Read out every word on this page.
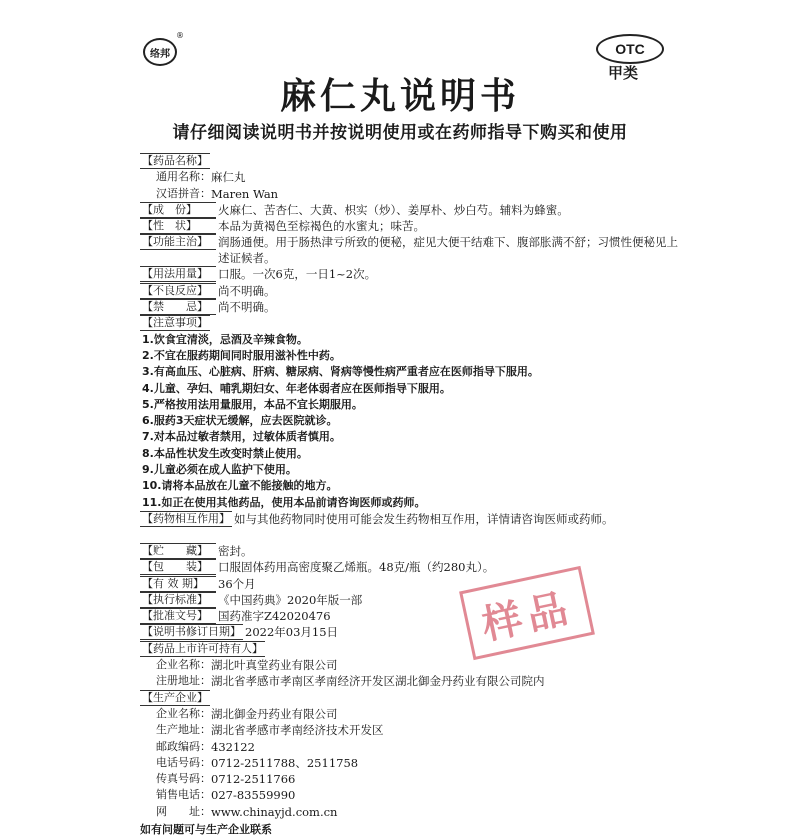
络邦
®
OTC
甲类
麻仁丸说明书
请仔细阅读说明书并按说明使用或在药师指导下购买和使用
【药品名称】
通用名称： 麻仁丸
汉语拼音： Maren Wan
【成　份】	火麻仁、苦杏仁、大黄、枳实（炒）、姜厚朴、炒白芍。辅料为蜂蜜。
【性　状】	本品为黄褐色至棕褐色的水蜜丸；味苦。
【功能主治】 润肠通便。用于肠热津亏所致的便秘，症见大便干结难下、腹部胀满不舒；习惯性便秘见上述证候者。
【用法用量】 口服。一次6克，一日1~2次。
【不良反应】 尚不明确。
【禁　　忌】 尚不明确。
【注意事项】
1.饮食宜清淡，忌酒及辛辣食物。
2.不宜在服药期间同时服用滋补性中药。
3.有高血压、心脏病、肝病、糖尿病、肾病等慢性病严重者应在医师指导下服用。
4.儿童、孕妇、哺乳期妇女、年老体弱者应在医师指导下服用。
5.严格按用法用量服用，本品不宜长期服用。
6.服药3天症状无缓解，应去医院就诊。
7.对本品过敏者禁用，过敏体质者慎用。
8.本品性状发生改变时禁止使用。
9.儿童必须在成人监护下使用。
10.请将本品放在儿童不能接触的地方。
11.如正在使用其他药品，使用本品前请咨询医师或药师。
【药物相互作用】 如与其他药物同时使用可能会发生药物相互作用，详情请咨询医师或药师。
【贮　　藏】 密封。
【包　　装】 口服固体药用高密度聚乙烯瓶。48克/瓶（约280丸）。
【有 效 期】	36个月
【执行标准】 《中国药典》2020年版一部
【批准文号】 国药准字Z42020476
【说明书修订日期】 2022年03月15日
【药品上市许可持有人】
企业名称： 湖北叶真堂药业有限公司
注册地址： 湖北省孝感市孝南区孝南经济开发区湖北御金丹药业有限公司院内
【生产企业】
企业名称： 湖北御金丹药业有限公司
生产地址： 湖北省孝感市孝南经济技术开发区
邮政编码： 432122
电话号码： 0712-2511788、2511758
传真号码： 0712-2511766
销售电话： 027-83559990
网　　址： www.chinayjd.com.cn
如有问题可与生产企业联系
样品
